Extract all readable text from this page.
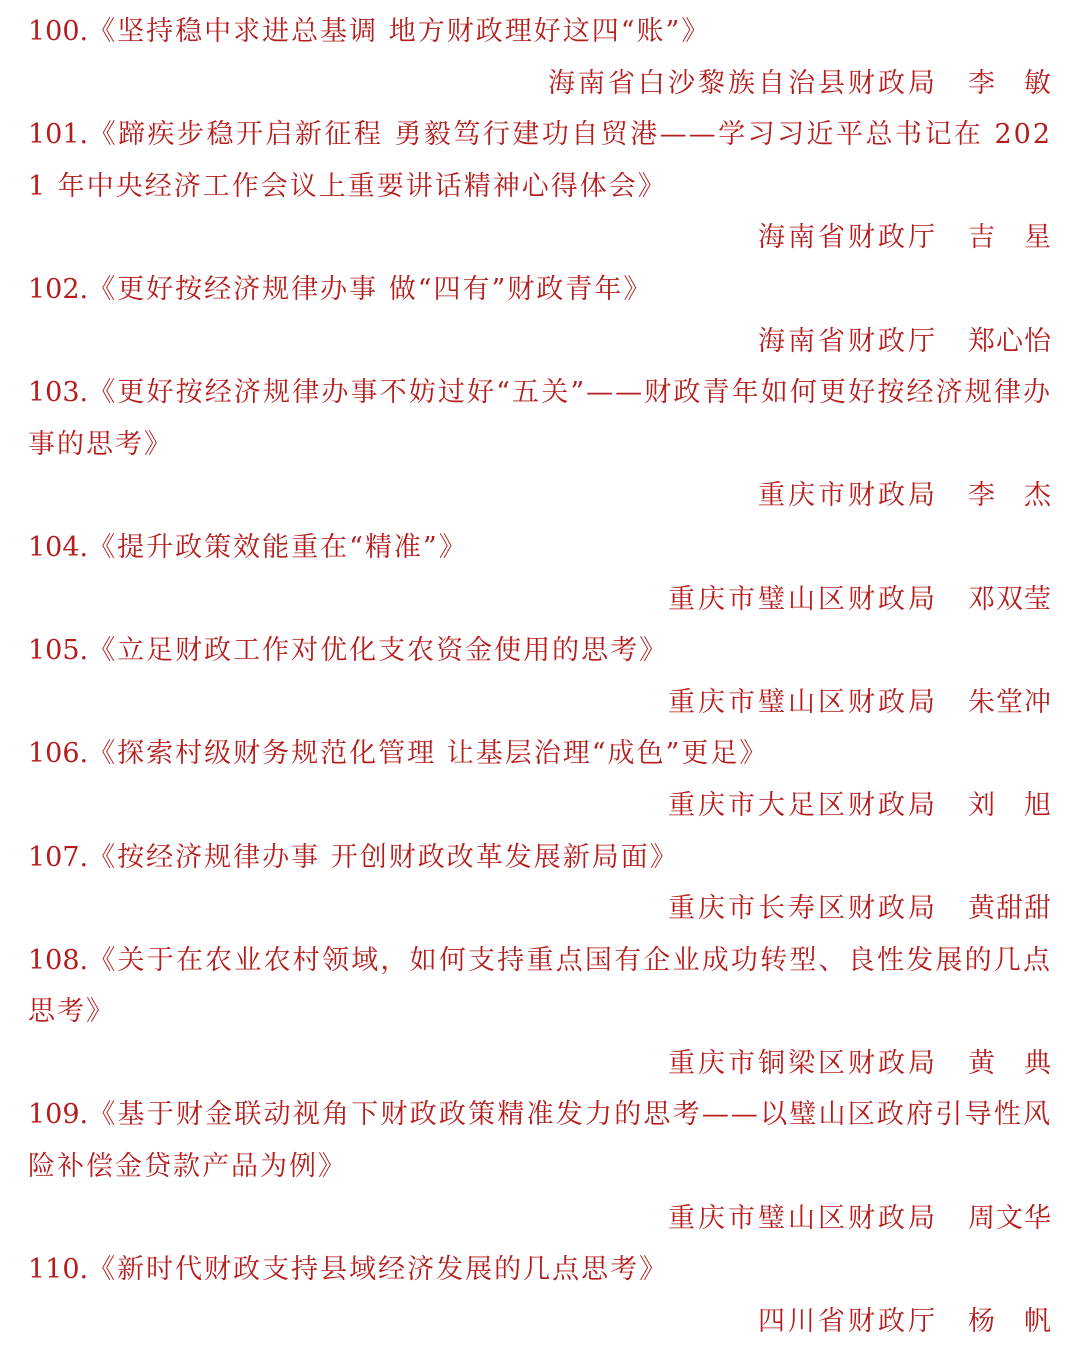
100.《坚持稳中求进总基调 地方财政理好这四“账”》
海南省白沙黎族自治县财政局 李 敏
101.《蹄疾步稳开启新征程 勇毅笃行建功自贸港——学习习近平总书记在 2021 年中央经济工作会议上重要讲话精神心得体会》
海南省财政厅 吉 星
102.《更好按经济规律办事 做“四有”财政青年》
海南省财政厅 郑心怡
103.《更好按经济规律办事不妨过好“五关”——财政青年如何更好按经济规律办事的思考》
重庆市财政局 李 杰
104.《提升政策效能重在“精准”》
重庆市璧山区财政局 邓双莹
105.《立足财政工作对优化支农资金使用的思考》
重庆市璧山区财政局 朱堂冲
106.《探索村级财务规范化管理 让基层治理“成色”更足》
重庆市大足区财政局 刘 旭
107.《按经济规律办事 开创财政改革发展新局面》
重庆市长寿区财政局 黄甜甜
108.《关于在农业农村领域，如何支持重点国有企业成功转型、良性发展的几点思考》
重庆市铜梁区财政局 黄 典
109.《基于财金联动视角下财政政策精准发力的思考——以璧山区政府引导性风险补偿金贷款产品为例》
重庆市璧山区财政局 周文华
110.《新时代财政支持县域经济发展的几点思考》
四川省财政厅 杨 帆
